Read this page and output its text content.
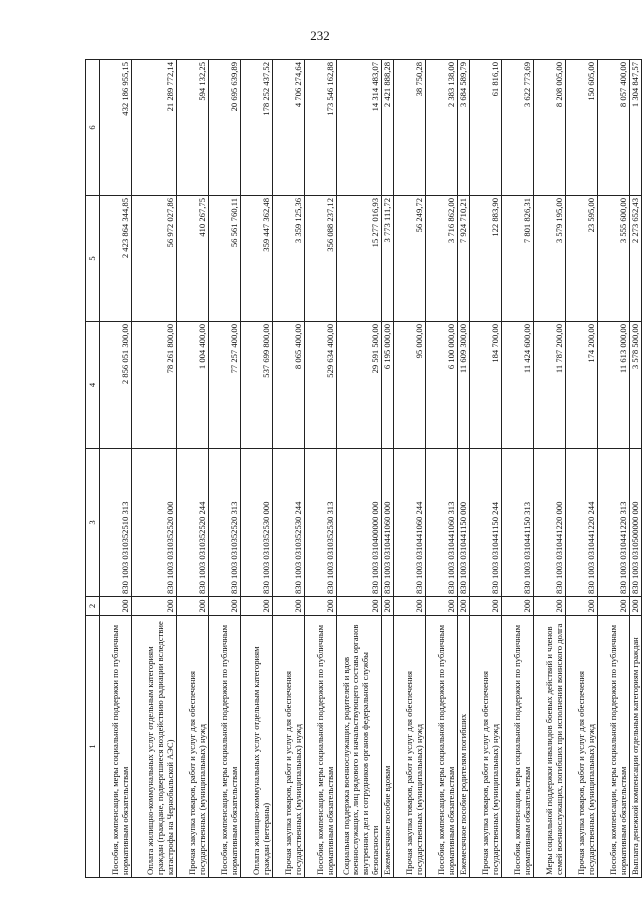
232
1	2	3	4	5	6
Пособия, компенсации, меры социальной поддержки по публичным нормативным обязательствам	200	830 1003 0310352510 313	2 856 051 300,00	2 423 864 344,85	432 186 955,15
Оплата жилищно-коммунальных услуг отдельным категориям граждан (граждане, подвергшиеся воздействию радиации вследствие катастрофы на Чернобыльской АЭС)	200	830 1003 0310352520 000	78 261 800,00	56 972 027,86	21 289 772,14
Прочая закупка товаров, работ и услуг для обеспечения государственных (муниципальных) нужд	200	830 1003 0310352520 244	1 004 400,00	410 267,75	594 132,25
Пособия, компенсации, меры социальной поддержки по публичным нормативным обязательствам	200	830 1003 0310352520 313	77 257 400,00	56 561 760,11	20 695 639,89
Оплата жилищно-коммунальных услуг отдельным категориям граждан (ветераны)	200	830 1003 0310352530 000	537 699 800,00	359 447 362,48	178 252 437,52
Прочая закупка товаров, работ и услуг для обеспечения государственных (муниципальных) нужд	200	830 1003 0310352530 244	8 065 400,00	3 359 125,36	4 706 274,64
Пособия, компенсации, меры социальной поддержки по публичным нормативным обязательствам	200	830 1003 0310352530 313	529 634 400,00	356 088 237,12	173 546 162,88
Социальная поддержка военнослужащих, родителей и вдов военнослужащих, лиц рядового и начальствующего состава органов внутренних дел и сотрудников органов федеральной службы безопасности	200	830 1003 0310400000 000	29 591 500,00	15 277 016,93	14 314 483,07
Ежемесячное пособие вдовам	200	830 1003 0310441060 000	6 195 000,00	3 773 111,72	2 421 888,28
Прочая закупка товаров, работ и услуг для обеспечения государственных (муниципальных) нужд	200	830 1003 0310441060 244	95 000,00	56 249,72	38 750,28
Пособия, компенсации, меры социальной поддержки по публичным нормативным обязательствам	200	830 1003 0310441060 313	6 100 000,00	3 716 862,00	2 383 138,00
Ежемесячное пособие родителям погибших	200	830 1003 0310441150 000	11 609 300,00	7 924 710,21	3 684 589,79
Прочая закупка товаров, работ и услуг для обеспечения государственных (муниципальных) нужд	200	830 1003 0310441150 244	184 700,00	122 883,90	61 816,10
Пособия, компенсации, меры социальной поддержки по публичным нормативным обязательствам	200	830 1003 0310441150 313	11 424 600,00	7 801 826,31	3 622 773,69
Меры социальной поддержки инвалидов боевых действий и членов семей военнослужащих, погибших при исполнении воинского долга	200	830 1003 0310441220 000	11 787 200,00	3 579 195,00	8 208 005,00
Прочая закупка товаров, работ и услуг для обеспечения государственных (муниципальных) нужд	200	830 1003 0310441220 244	174 200,00	23 595,00	150 605,00
Пособия, компенсации, меры социальной поддержки по публичным нормативным обязательствам	200	830 1003 0310441220 313	11 613 000,00	3 555 600,00	8 057 400,00
Выплата денежной компенсации отдельным категориям граждан	200	830 1003 0310500000 000	3 578 500,00	2 273 652,43	1 304 847,57
